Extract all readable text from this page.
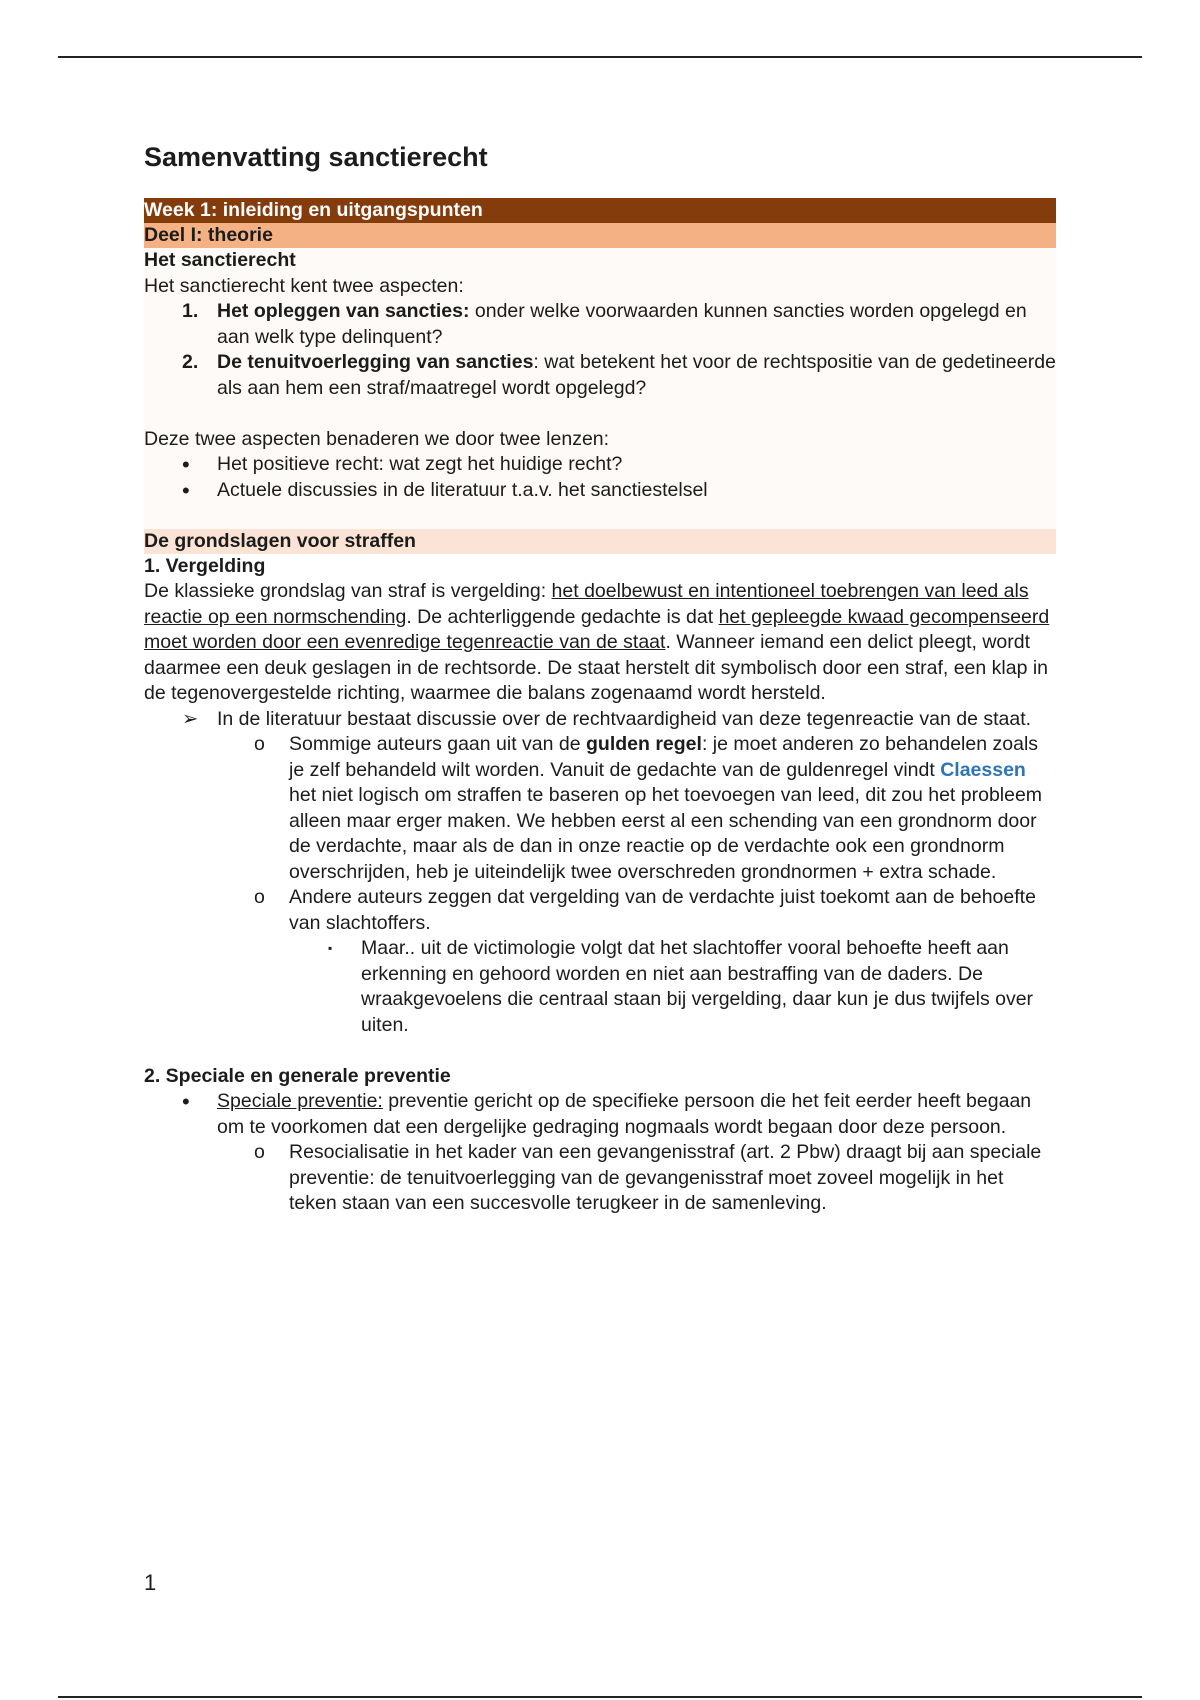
Samenvatting sanctierecht
Week 1: inleiding en uitgangspunten
Deel I: theorie
Het sanctierecht

Het sanctierecht kent twee aspecten:

1. Het opleggen van sancties: onder welke voorwaarden kunnen sancties worden opgelegd en aan welk type delinquent?
2. De tenuitvoerlegging van sancties: wat betekent het voor de rechtspositie van de gedetineerde als aan hem een straf/maatregel wordt opgelegd?

Deze twee aspecten benaderen we door twee lenzen:

• Het positieve recht: wat zegt het huidige recht?
• Actuele discussies in de literatuur t.a.v. het sanctiestelsel
De grondslagen voor straffen
1. Vergelding

De klassieke grondslag van straf is vergelding: het doelbewust en intentioneel toebrengen van leed als reactie op een normschending. De achterliggende gedachte is dat het gepleegde kwaad gecompenseerd moet worden door een evenredige tegenreactie van de staat. Wanneer iemand een delict pleegt, wordt daarmee een deuk geslagen in de rechtsorde. De staat herstelt dit symbolisch door een straf, een klap in de tegenovergestelde richting, waarmee die balans zogenaamd wordt hersteld.

➢ In de literatuur bestaat discussie over de rechtvaardigheid van deze tegenreactie van de staat.
o Sommige auteurs gaan uit van de gulden regel: je moet anderen zo behandelen zoals je zelf behandeld wilt worden. Vanuit de gedachte van de guldenregel vindt Claessen het niet logisch om straffen te baseren op het toevoegen van leed, dit zou het probleem alleen maar erger maken. We hebben eerst al een schending van een grondnorm door de verdachte, maar als de dan in onze reactie op de verdachte ook een grondnorm overschrijden, heb je uiteindelijk twee overschreden grondnormen + extra schade.
o Andere auteurs zeggen dat vergelding van de verdachte juist toekomt aan de behoefte van slachtoffers.
▪ Maar.. uit de victimologie volgt dat het slachtoffer vooral behoefte heeft aan erkenning en gehoord worden en niet aan bestraffing van de daders. De wraakgevoelens die centraal staan bij vergelding, daar kun je dus twijfels over uiten.
2. Speciale en generale preventie
• Speciale preventie: preventie gericht op de specifieke persoon die het feit eerder heeft begaan om te voorkomen dat een dergelijke gedraging nogmaals wordt begaan door deze persoon.
o Resocialisatie in het kader van een gevangenisstraf (art. 2 Pbw) draagt bij aan speciale preventie: de tenuitvoerlegging van de gevangenisstraf moet zoveel mogelijk in het teken staan van een succesvolle terugkeer in de samenleving.
1
